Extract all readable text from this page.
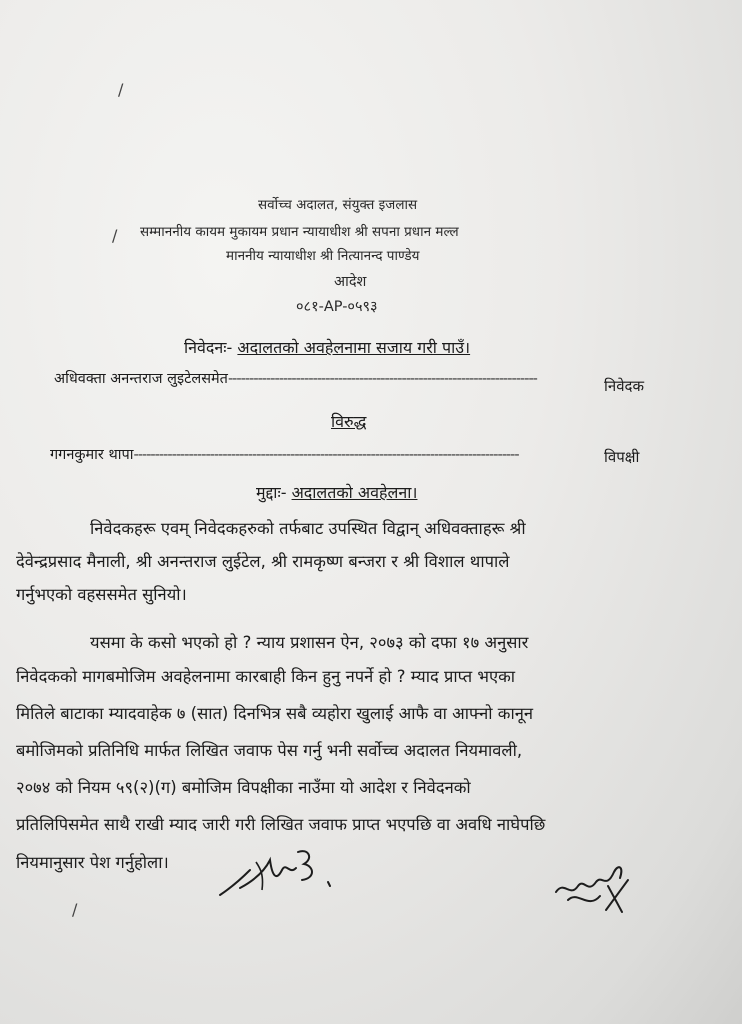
/
/
/
सर्वोच्च अदालत, संयुक्त इजलास
सम्माननीय कायम मुकायम प्रधान न्यायाधीश श्री सपना प्रधान मल्ल
माननीय न्यायाधीश श्री नित्यानन्द पाण्डेय
आदेश
०८१-AP-०५९३
निवेदनः- अदालतको अवहेलनामा सजाय गरी पाउँ।
अधिवक्ता अनन्तराज लुइटेलसमेत-------------------------------------------------------------------------	निवेदक
विरुद्ध
गगनकुमार थापा-------------------------------------------------------------------------------------------	विपक्षी
मुद्दाः- अदालतको अवहेलना।
निवेदकहरू एवम् निवेदकहरुको तर्फबाट उपस्थित विद्वान् अधिवक्ताहरू श्री
देवेन्द्रप्रसाद मैनाली, श्री अनन्तराज लुईटेल, श्री रामकृष्ण बन्जरा र श्री विशाल थापाले
गर्नुभएको वहससमेत सुनियो।
यसमा के कसो भएको हो ? न्याय प्रशासन ऐन, २०७३ को दफा १७ अनुसार
निवेदकको मागबमोजिम अवहेलनामा कारबाही किन हुनु नपर्ने हो ? म्याद प्राप्त भएका
मितिले बाटाका म्यादवाहेक ७ (सात) दिनभित्र सबै व्यहोरा खुलाई आफै वा आफ्नो कानून
बमोजिमको प्रतिनिधि मार्फत लिखित जवाफ पेस गर्नु भनी सर्वोच्च अदालत नियमावली,
२०७४ को नियम ५९(२)(ग) बमोजिम विपक्षीका नाउँमा यो आदेश र निवेदनको
प्रतिलिपिसमेत साथै राखी म्याद जारी गरी लिखित जवाफ प्राप्त भएपछि वा अवधि नाघेपछि
नियमानुसार पेश गर्नुहोला।
